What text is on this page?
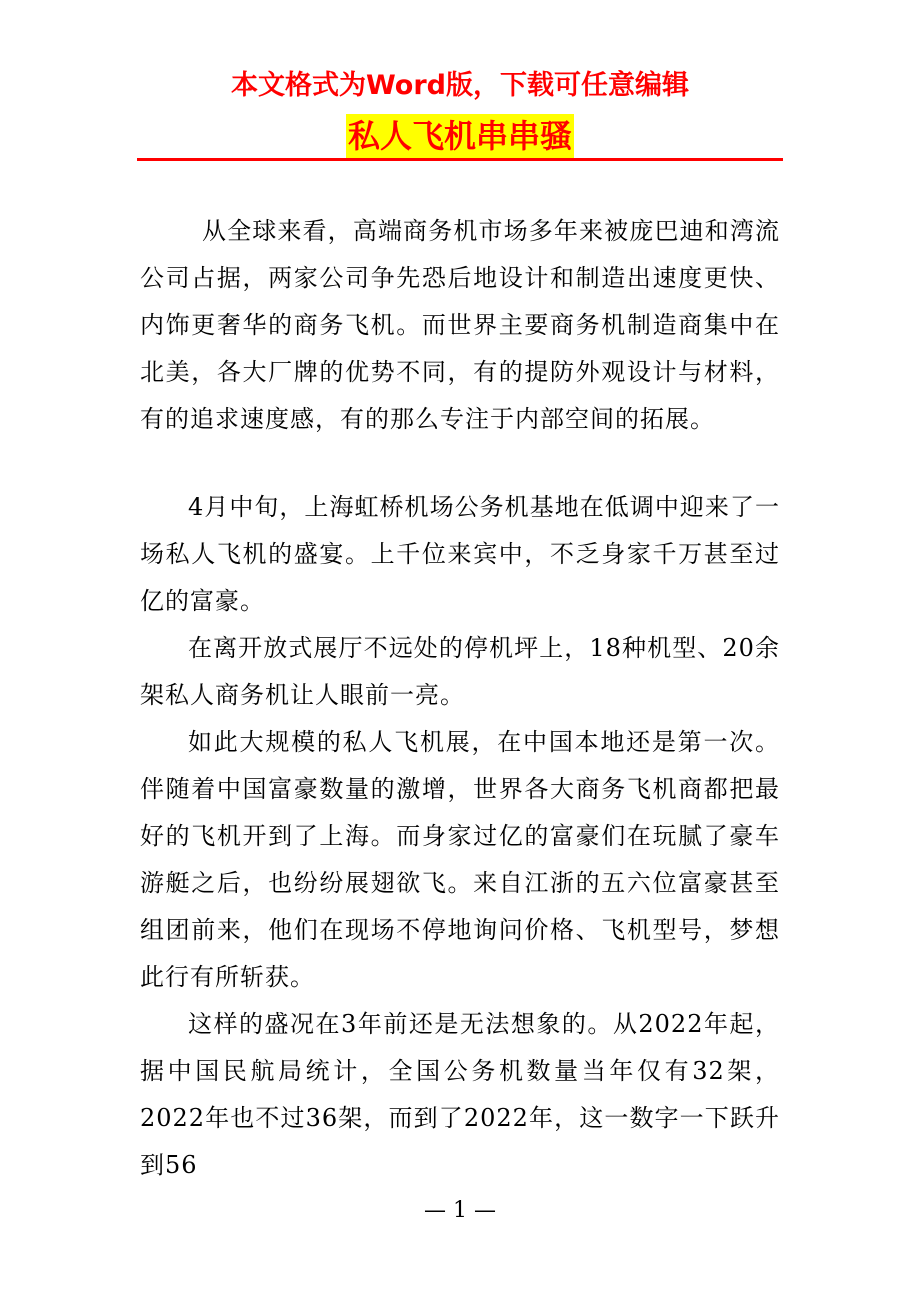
本文格式为Word版，下载可任意编辑

私人飞机串串骚

从全球来看，高端商务机市场多年来被庞巴迪和湾流公司占据，两家公司争先恐后地设计和制造出速度更快、内饰更奢华的商务飞机。而世界主要商务机制造商集中在北美，各大厂牌的优势不同，有的提防外观设计与材料，有的追求速度感，有的那么专注于内部空间的拓展。

4月中旬，上海虹桥机场公务机基地在低调中迎来了一场私人飞机的盛宴。上千位来宾中，不乏身家千万甚至过亿的富豪。

在离开放式展厅不远处的停机坪上，18种机型、20余架私人商务机让人眼前一亮。

如此大规模的私人飞机展，在中国本地还是第一次。伴随着中国富豪数量的激增，世界各大商务飞机商都把最好的飞机开到了上海。而身家过亿的富豪们在玩腻了豪车游艇之后，也纷纷展翅欲飞。来自江浙的五六位富豪甚至组团前来，他们在现场不停地询问价格、飞机型号，梦想此行有所斩获。

这样的盛况在3年前还是无法想象的。从2022年起，据中国民航局统计，全国公务机数量当年仅有32架，2022年也不过36架，而到了2022年，这一数字一下跃升到56

— 1 —
